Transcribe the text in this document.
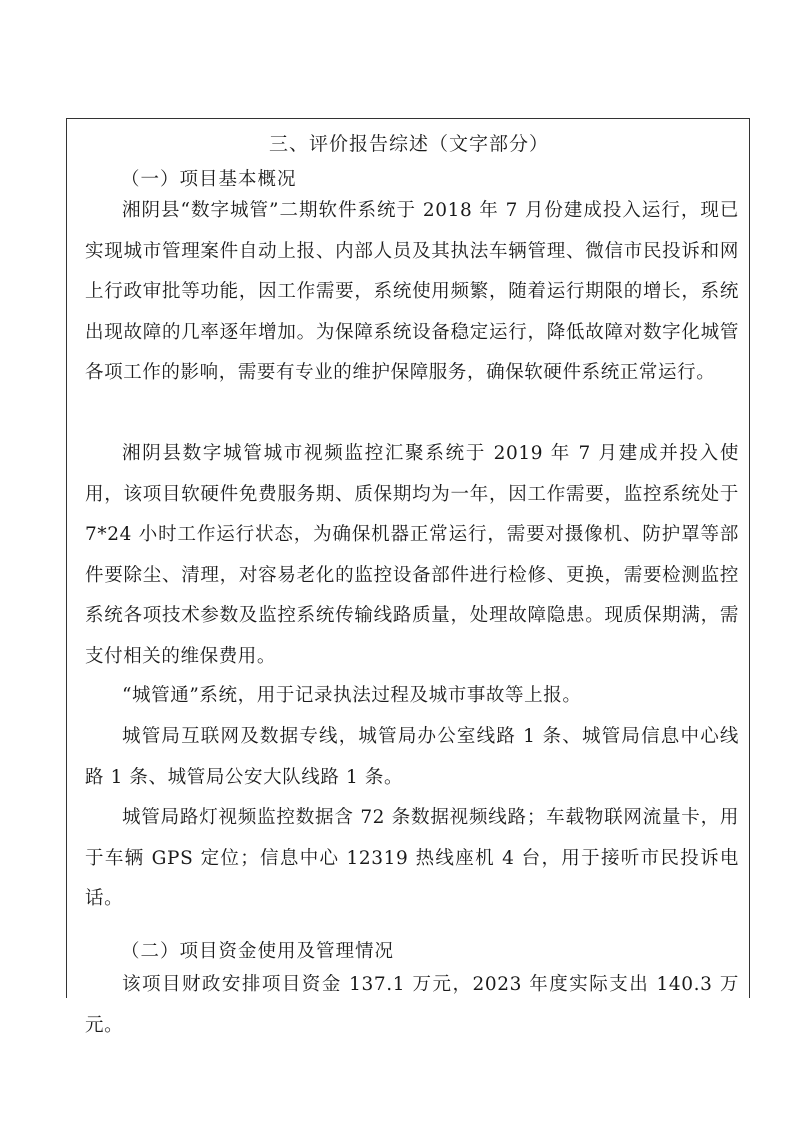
三、评价报告综述（文字部分）
（一）项目基本概况

湘阴县“数字城管”二期软件系统于 2018 年 7 月份建成投入运行，现已实现城市管理案件自动上报、内部人员及其执法车辆管理、微信市民投诉和网上行政审批等功能，因工作需要，系统使用频繁，随着运行期限的增长，系统出现故障的几率逐年增加。为保障系统设备稳定运行，降低故障对数字化城管各项工作的影响，需要有专业的维护保障服务，确保软硬件系统正常运行。

湘阴县数字城管城市视频监控汇聚系统于 2019 年 7 月建成并投入使用，该项目软硬件免费服务期、质保期均为一年，因工作需要，监控系统处于 7*24 小时工作运行状态，为确保机器正常运行，需要对摄像机、防护罩等部件要除尘、清理，对容易老化的监控设备部件进行检修、更换，需要检测监控系统各项技术参数及监控系统传输线路质量，处理故障隐患。现质保期满，需支付相关的维保费用。

“城管通”系统，用于记录执法过程及城市事故等上报。

城管局互联网及数据专线，城管局办公室线路 1 条、城管局信息中心线路 1 条、城管局公安大队线路 1 条。

城管局路灯视频监控数据含 72 条数据视频线路；车载物联网流量卡，用于车辆 GPS 定位；信息中心 12319 热线座机 4 台，用于接听市民投诉电话。

（二）项目资金使用及管理情况

该项目财政安排项目资金 137.1 万元，2023 年度实际支出 140.3 万元。
